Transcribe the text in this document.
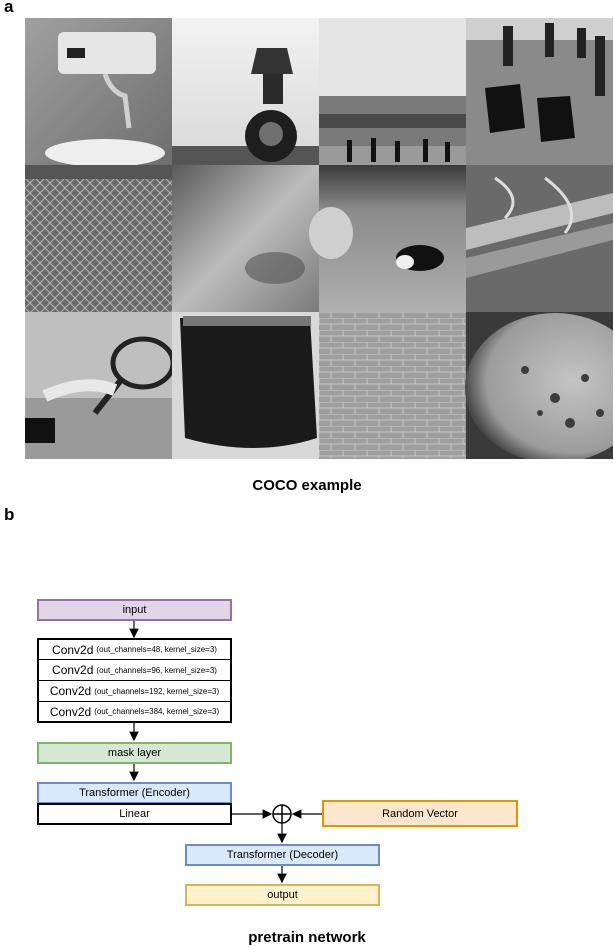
a
COCO example
b
input
Conv2d (out_channels=48, kernel_size=3)
Conv2d (out_channels=96, kernel_size=3)
Conv2d (out_channels=192, kernel_size=3)
Conv2d (out_channels=384, kernel_size=3)
mask layer
Transformer (Encoder)
Linear	Random Vector
Transformer (Decoder)
output
pretrain network
